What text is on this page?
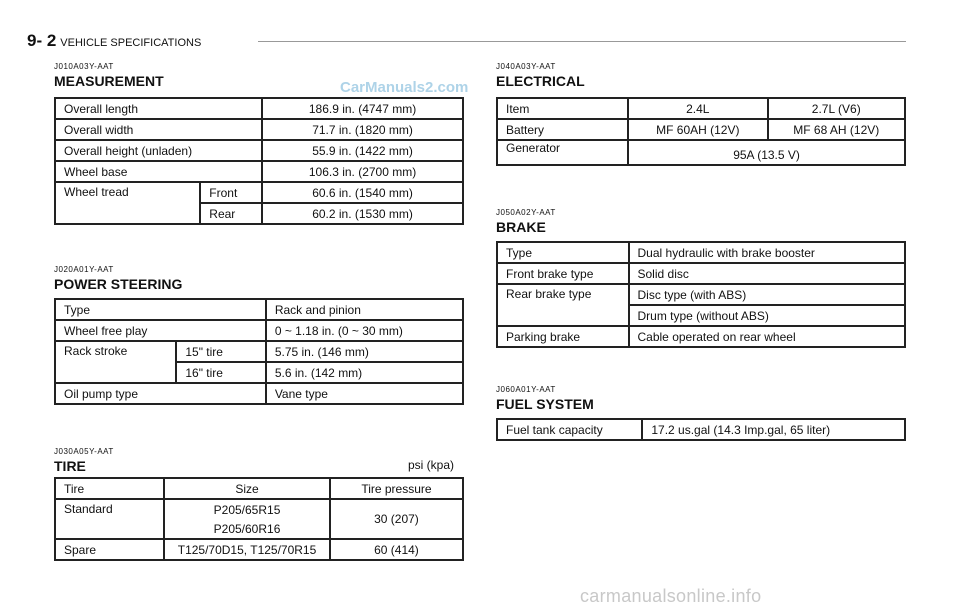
9- 2 VEHICLE SPECIFICATIONS
J010A03Y-AAT
MEASUREMENT	CarManuals2.com
Overall length		186.9 in. (4747 mm)
Overall width		71.7 in. (1820 mm)
Overall height (unladen)		55.9 in. (1422 mm)
Wheel base		106.3 in. (2700 mm)
Wheel tread	Front	60.6 in. (1540 mm)
	Rear	60.2 in. (1530 mm)
J020A01Y-AAT
POWER STEERING
Type		Rack and pinion
Wheel free play		0 ~ 1.18 in. (0 ~ 30 mm)
Rack stroke	15" tire	5.75 in. (146 mm)
	16" tire	5.6 in. (142 mm)
Oil pump type		Vane type
J030A05Y-AAT
TIRE	psi (kpa)
Tire	Size	Tire pressure
Standard	P205/65R15	30 (207)
	P205/60R16	
Spare	T125/70D15, T125/70R15	60 (414)
J040A03Y-AAT
ELECTRICAL
Item	2.4L	2.7L (V6)
Battery	MF 60AH (12V)	MF 68 AH (12V)
Generator	95A (13.5 V)	
J050A02Y-AAT
BRAKE
Type	Dual hydraulic with brake booster
Front brake type	Solid disc
Rear brake type	Disc type (with ABS)
	Drum type (without ABS)
Parking brake	Cable operated on rear wheel
J060A01Y-AAT
FUEL SYSTEM
Fuel tank capacity	17.2 us.gal (14.3 Imp.gal, 65 liter)
carmanualsonline.info
